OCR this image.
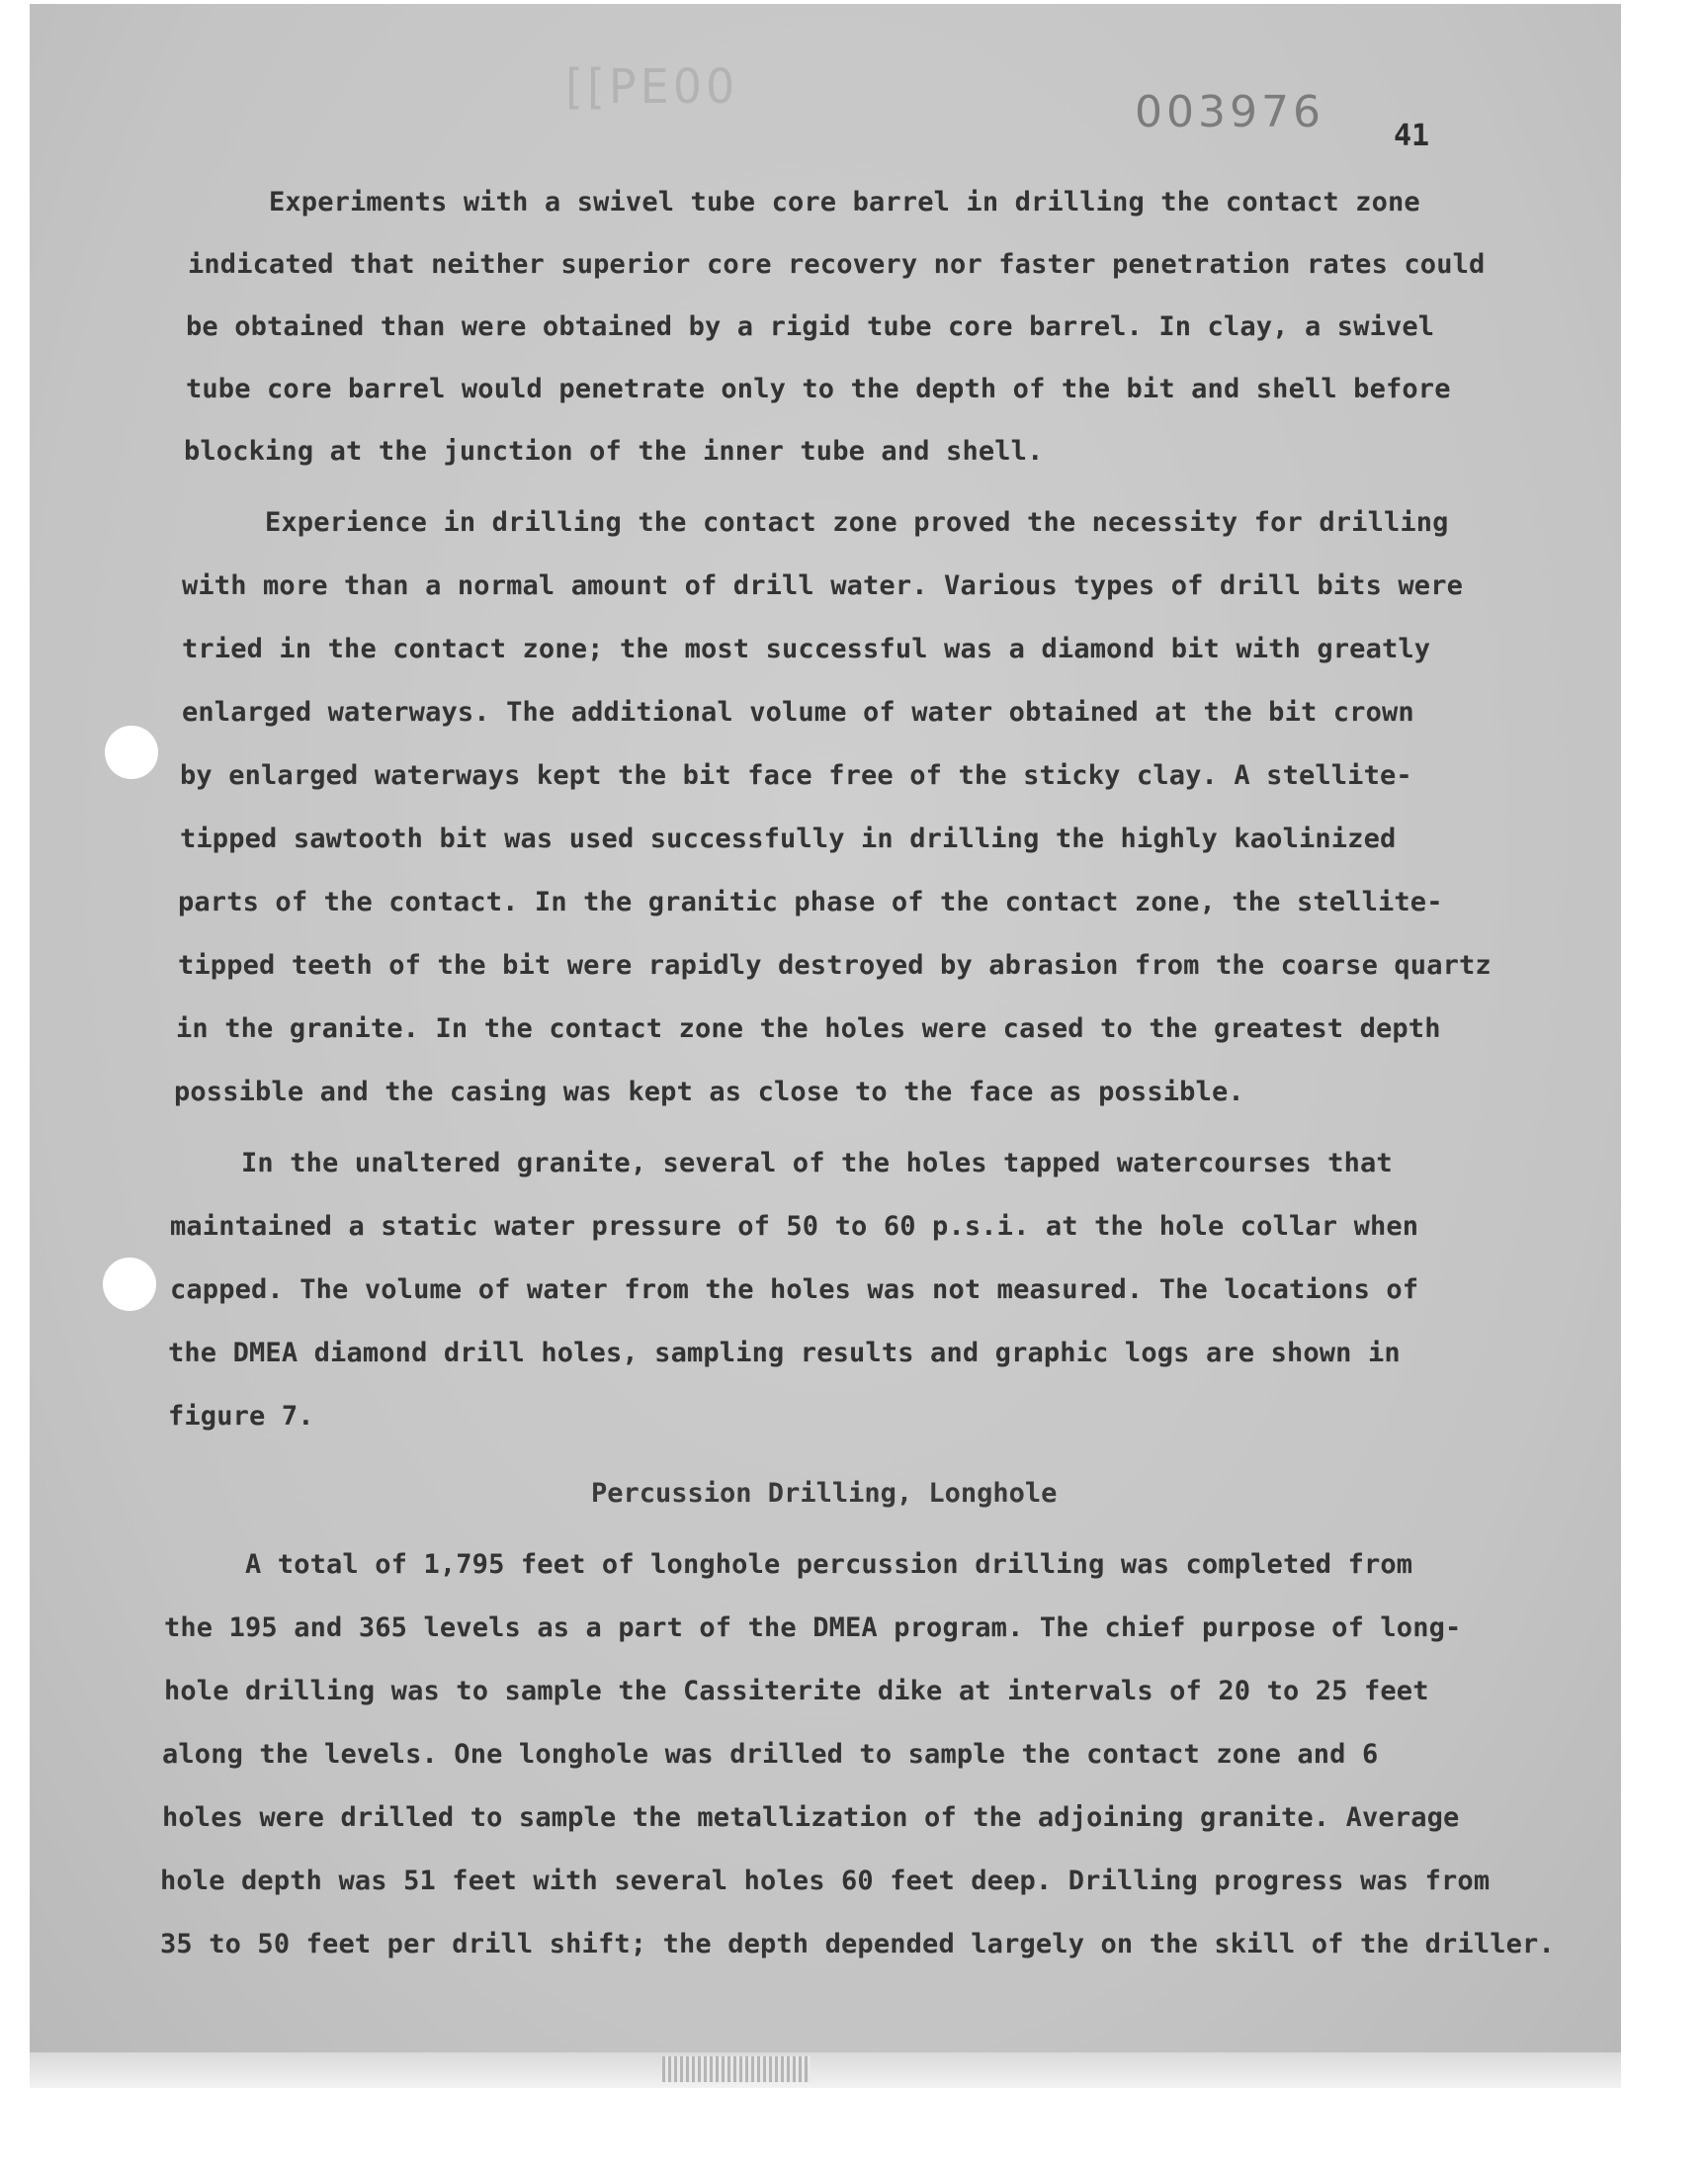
[[PE00	003976 41
Experiments with a swivel tube core barrel in drilling the contact zone
indicated that neither superior core recovery nor faster penetration rates could
be obtained than were obtained by a rigid tube core barrel. In clay, a swivel
tube core barrel would penetrate only to the depth of the bit and shell before
blocking at the junction of the inner tube and shell.
Experience in drilling the contact zone proved the necessity for drilling
with more than a normal amount of drill water. Various types of drill bits were
tried in the contact zone; the most successful was a diamond bit with greatly
enlarged waterways. The additional volume of water obtained at the bit crown
by enlarged waterways kept the bit face free of the sticky clay. A stellite-
tipped sawtooth bit was used successfully in drilling the highly kaolinized
parts of the contact. In the granitic phase of the contact zone, the stellite-
tipped teeth of the bit were rapidly destroyed by abrasion from the coarse quartz
in the granite. In the contact zone the holes were cased to the greatest depth
possible and the casing was kept as close to the face as possible.
In the unaltered granite, several of the holes tapped watercourses that
maintained a static water pressure of 50 to 60 p.s.i. at the hole collar when
capped. The volume of water from the holes was not measured. The locations of
the DMEA diamond drill holes, sampling results and graphic logs are shown in
figure 7.
Percussion Drilling, Longhole
A total of 1,795 feet of longhole percussion drilling was completed from
the 195 and 365 levels as a part of the DMEA program. The chief purpose of long-
hole drilling was to sample the Cassiterite dike at intervals of 20 to 25 feet
along the levels. One longhole was drilled to sample the contact zone and 6
holes were drilled to sample the metallization of the adjoining granite. Average
hole depth was 51 feet with several holes 60 feet deep. Drilling progress was from
35 to 50 feet per drill shift; the depth depended largely on the skill of the driller.
